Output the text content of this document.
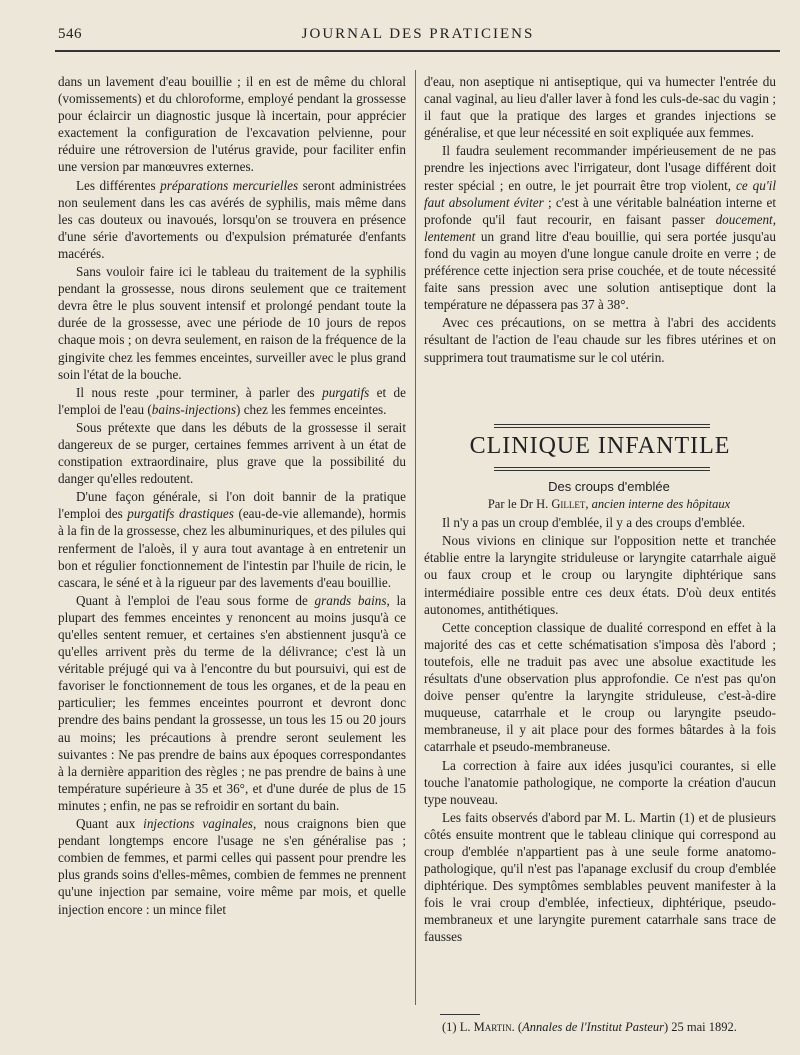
546	JOURNAL DES PRATICIENS

dans un lavement d'eau bouillie ; il en est de même du chloral (vomissements) et du chloroforme, employé pendant la grossesse pour éclaircir un diagnostic jusque là incertain, pour apprécier exactement la configuration de l'excavation pelvienne, pour réduire une rétroversion de l'utérus gravide, pour faciliter enfin une version par manœuvres externes.

Les différentes préparations mercurielles seront administrées non seulement dans les cas avérés de syphilis, mais même dans les cas douteux ou inavoués, lorsqu'on se trouvera en présence d'une série d'avortements ou d'expulsion prématurée d'enfants macérés.

Sans vouloir faire ici le tableau du traitement de la syphilis pendant la grossesse, nous dirons seulement que ce traitement devra être le plus souvent intensif et prolongé pendant toute la durée de la grossesse, avec une période de 10 jours de repos chaque mois ; on devra seulement, en raison de la fréquence de la gingivite chez les femmes enceintes, surveiller avec le plus grand soin l'état de la bouche.

Il nous reste ,pour terminer, à parler des purgatifs et de l'emploi de l'eau (bains-injections) chez les femmes enceintes.

Sous prétexte que dans les débuts de la grossesse il serait dangereux de se purger, certaines femmes arrivent à un état de constipation extraordinaire, plus grave que la possibilité du danger qu'elles redoutent.

D'une façon générale, si l'on doit bannir de la pratique l'emploi des purgatifs drastiques (eau-de-vie allemande), hormis à la fin de la grossesse, chez les albuminuriques, et des pilules qui renferment de l'aloès, il y aura tout avantage à en entretenir un bon et régulier fonctionnement de l'intestin par l'huile de ricin, le cascara, le séné et à la rigueur par des lavements d'eau bouillie.

Quant à l'emploi de l'eau sous forme de grands bains, la plupart des femmes enceintes y renoncent au moins jusqu'à ce qu'elles sentent remuer, et certaines s'en abstiennent jusqu'à ce qu'elles arrivent près du terme de la délivrance; c'est là un véritable préjugé qui va à l'encontre du but poursuivi, qui est de favoriser le fonctionnement de tous les organes, et de la peau en particulier; les femmes enceintes pourront et devront donc prendre des bains pendant la grossesse, un tous les 15 ou 20 jours au moins; les précautions à prendre seront seulement les suivantes : Ne pas prendre de bains aux époques correspondantes à la dernière apparition des règles ; ne pas prendre de bains à une température supérieure à 35 et 36°, et d'une durée de plus de 15 minutes ; enfin, ne pas se refroidir en sortant du bain.

Quant aux injections vaginales, nous craignons bien que pendant longtemps encore l'usage ne s'en généralise pas ; combien de femmes, et parmi celles qui passent pour prendre les plus grands soins d'elles-mêmes, combien de femmes ne prennent qu'une injection par semaine, voire même par mois, et quelle injection encore : un mince filet

d'eau, non aseptique ni antiseptique, qui va humecter l'entrée du canal vaginal, au lieu d'aller laver à fond les culs-de-sac du vagin ; il faut que la pratique des larges et grandes injections se généralise, et que leur nécessité en soit expliquée aux femmes.

Il faudra seulement recommander impérieusement de ne pas prendre les injections avec l'irrigateur, dont l'usage différent doit rester spécial ; en outre, le jet pourrait être trop violent, ce qu'il faut absolument éviter ; c'est à une véritable balnéation interne et profonde qu'il faut recourir, en faisant passer doucement, lentement un grand litre d'eau bouillie, qui sera portée jusqu'au fond du vagin au moyen d'une longue canule droite en verre ; de préférence cette injection sera prise couchée, et de toute nécessité faite sans pression avec une solution antiseptique dont la température ne dépassera pas 37 à 38°.

Avec ces précautions, on se mettra à l'abri des accidents résultant de l'action de l'eau chaude sur les fibres utérines et on supprimera tout traumatisme sur le col utérin.

CLINIQUE INFANTILE

Des croups d'emblée

Par le Dr H. Gillet, ancien interne des hôpitaux

Il n'y a pas un croup d'emblée, il y a des croups d'emblée.

Nous vivions en clinique sur l'opposition nette et tranchée établie entre la laryngite striduleuse or laryngite catarrhale aiguë ou faux croup et le croup ou laryngite diphtérique sans intermédiaire possible entre ces deux états. D'où deux entités autonomes, antithétiques.

Cette conception classique de dualité correspond en effet à la majorité des cas et cette schématisation s'imposa dès l'abord ; toutefois, elle ne traduit pas avec une absolue exactitude les résultats d'une observation plus approfondie. Ce n'est pas qu'on doive penser qu'entre la laryngite striduleuse, c'est-à-dire muqueuse, catarrhale et le croup ou laryngite pseudo-membraneuse, il y ait place pour des formes bâtardes à la fois catarrhale et pseudo-membraneuse.

La correction à faire aux idées jusqu'ici courantes, si elle touche l'anatomie pathologique, ne comporte la création d'aucun type nouveau.

Les faits observés d'abord par M. L. Martin (1) et de plusieurs côtés ensuite montrent que le tableau clinique qui correspond au croup d'emblée n'appartient pas à une seule forme anatomo-pathologique, qu'il n'est pas l'apanage exclusif du croup d'emblée diphtérique. Des symptômes semblables peuvent manifester à la fois le vrai croup d'emblée, infectieux, diphtérique, pseudo-membraneux et une laryngite purement catarrhale sans trace de fausses

(1) L. Martin. (Annales de l'Institut Pasteur) 25 mai 1892.
